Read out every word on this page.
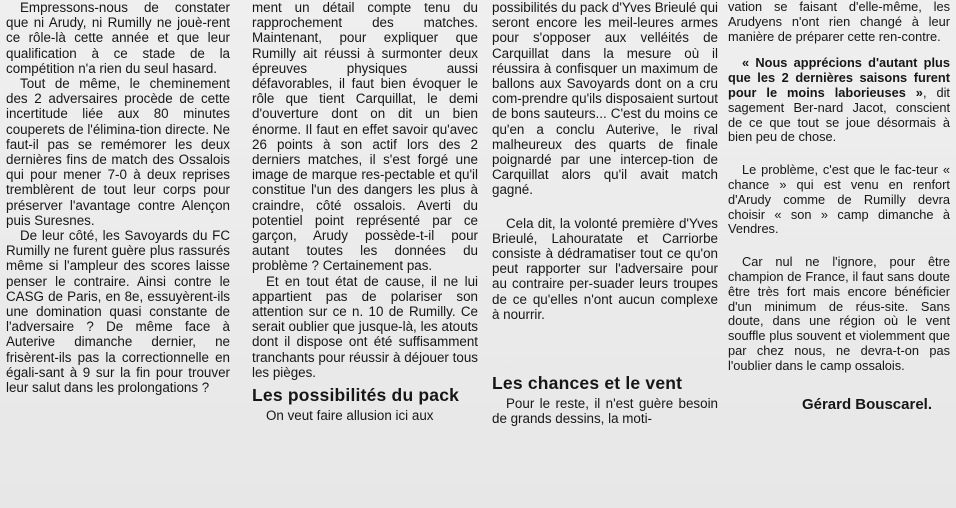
Empressons-nous de constater que ni Arudy, ni Rumilly ne jouè-rent ce rôle-là cette année et que leur qualification à ce stade de la compétition n'a rien du seul hasard.

Tout de même, le cheminement des 2 adversaires procède de cette incertitude liée aux 80 minutes couperets de l'élimina-tion directe. Ne faut-il pas se remémorer les deux dernières fins de match des Ossalois qui pour mener 7-0 à deux reprises tremblèrent de tout leur corps pour préserver l'avantage contre Alençon puis Suresnes.

De leur côté, les Savoyards du FC Rumilly ne furent guère plus rassurés même si l'ampleur des scores laisse penser le contraire. Ainsi contre le CASG de Paris, en 8e, essuyèrent-ils une domination quasi constante de l'adversaire ? De même face à Auterive dimanche dernier, ne frisèrent-ils pas la correctionnelle en égali-sant à 9 sur la fin pour trouver leur salut dans les prolongations ?

ment un détail compte tenu du rapprochement des matches. Maintenant, pour expliquer que Rumilly ait réussi à surmonter deux épreuves physiques aussi défavorables, il faut bien évoquer le rôle que tient Carquillat, le demi d'ouverture dont on dit un bien énorme. Il faut en effet savoir qu'avec 26 points à son actif lors des 2 derniers matches, il s'est forgé une image de marque res-pectable et qu'il constitue l'un des dangers les plus à craindre, côté ossalois. Averti du potentiel point représenté par ce garçon, Arudy possède-t-il pour autant toutes les données du problème ? Certainement pas.

Et en tout état de cause, il ne lui appartient pas de polariser son attention sur ce n. 10 de Rumilly. Ce serait oublier que jusque-là, les atouts dont il dispose ont été suffisamment tranchants pour réussir à déjouer tous les pièges.

Les possibilités du pack

On veut faire allusion ici aux

possibilités du pack d'Yves Brieulé qui seront encore les meil-leures armes pour s'opposer aux velléités de Carquillat dans la mesure où il réussira à confisquer un maximum de ballons aux Savoyards dont on a cru com-prendre qu'ils disposaient surtout de bons sauteurs... C'est du moins ce qu'en a conclu Auterive, le rival malheureux des quarts de finale poignardé par une intercep-tion de Carquillat alors qu'il avait match gagné.

Cela dit, la volonté première d'Yves Brieulé, Lahouratate et Carriorbe consiste à dédramatiser tout ce qu'on peut rapporter sur l'adversaire pour au contraire per-suader leurs troupes de ce qu'elles n'ont aucun complexe à nourrir.

Les chances et le vent

Pour le reste, il n'est guère besoin de grands dessins, la moti-

vation se faisant d'elle-même, les Arudyens n'ont rien changé à leur manière de préparer cette ren-contre.

« Nous apprécions d'autant plus que les 2 dernières saisons furent pour le moins laborieuses », dit sagement Ber-nard Jacot, conscient de ce que tout se joue désormais à bien peu de chose.

Le problème, c'est que le fac-teur « chance » qui est venu en renfort d'Arudy comme de Rumilly devra choisir « son » camp dimanche à Vendres.

Car nul ne l'ignore, pour être champion de France, il faut sans doute être très fort mais encore bénéficier d'un minimum de réus-site. Sans doute, dans une région où le vent souffle plus souvent et violemment que par chez nous, ne devra-t-on pas l'oublier dans le camp ossalois.

Gérard Bouscarel.
